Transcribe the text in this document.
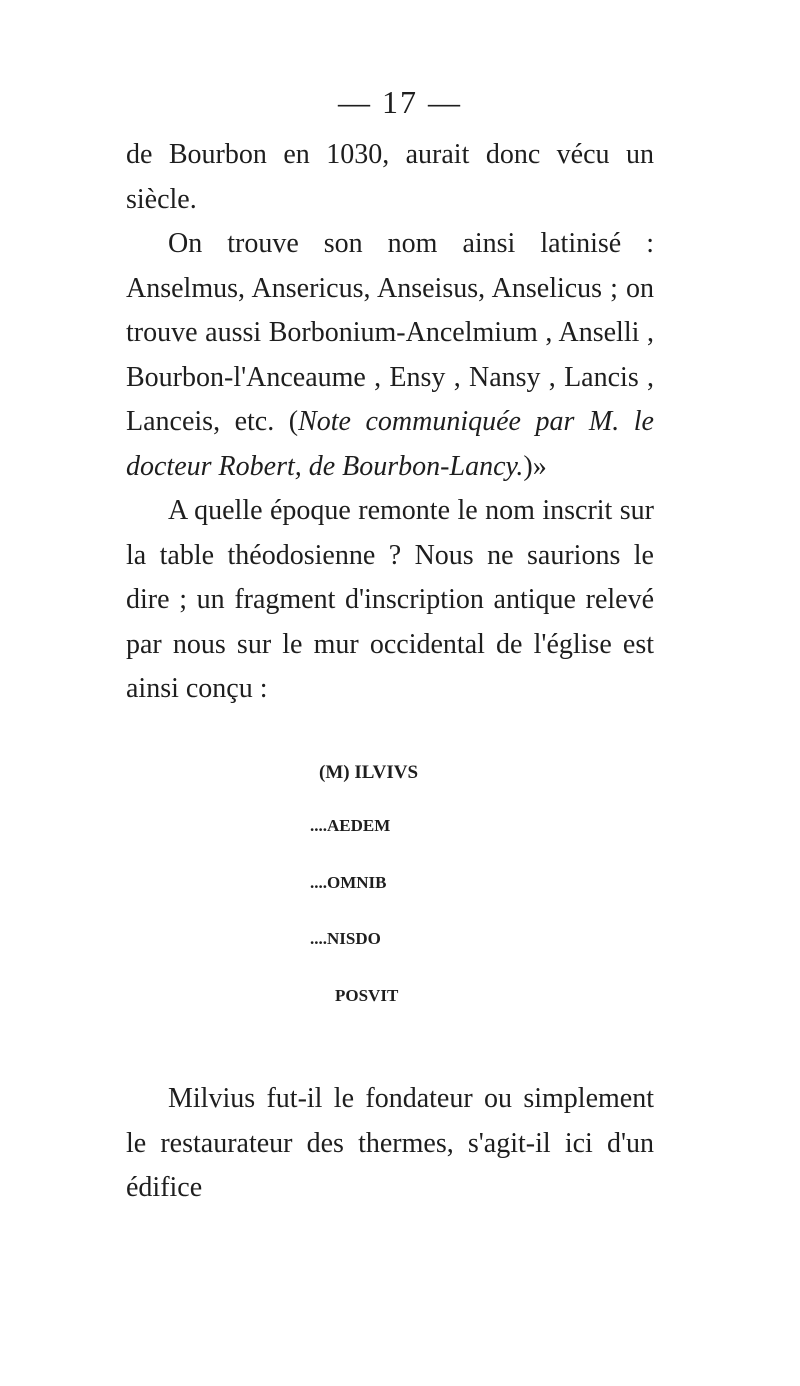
— 17 —

de Bourbon en 1030, aurait donc vécu un siècle.

On trouve son nom ainsi latinisé : Anselmus, Ansericus, Anseisus, Anselicus ; on trouve aussi Borbonium-Ancelmium , Anselli , Bourbon-l'Anceaume , Ensy , Nansy , Lancis , Lanceis, etc. (Note communiquée par M. le docteur Robert, de Bourbon-Lancy.)»

A quelle époque remonte le nom inscrit sur la table théodosienne ? Nous ne saurions le dire ; un fragment d'inscription antique relevé par nous sur le mur occidental de l'église est ainsi conçu :

(M) ILVIVS
....AEDEM
....OMNIB
....NISDO
POSVIT

Milvius fut-il le fondateur ou simplement le restaurateur des thermes, s'agit-il ici d'un édifice
